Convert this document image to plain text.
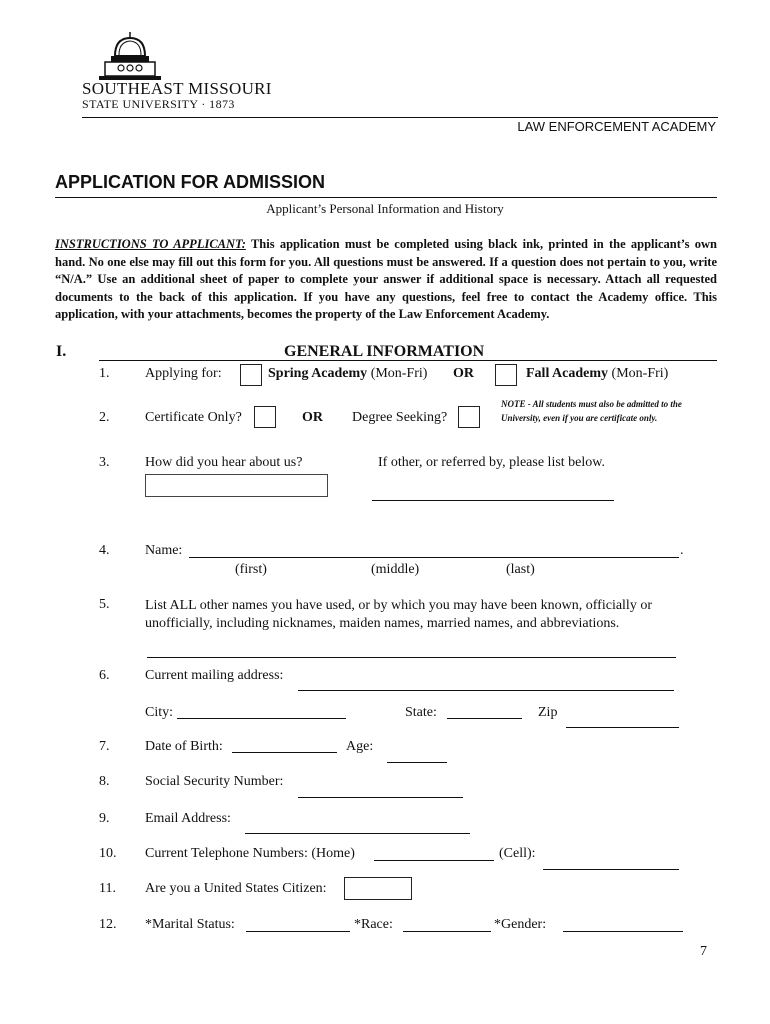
SOUTHEAST MISSOURI
STATE UNIVERSITY · 1873
LAW ENFORCEMENT ACADEMY
APPLICATION FOR ADMISSION
Applicant’s Personal Information and History
INSTRUCTIONS TO APPLICANT: This application must be completed using black ink, printed in the applicant’s own hand. No one else may fill out this form for you. All questions must be answered. If a question does not pertain to you, write “N/A.” Use an additional sheet of paper to complete your answer if additional space is necessary. Attach all requested documents to the back of this application. If you have any questions, feel free to contact the Academy office. This application, with your attachments, becomes the property of the Law Enforcement Academy.
I.	GENERAL INFORMATION
1.	Applying for:	Spring Academy (Mon-Fri) OR	Fall Academy (Mon-Fri)
2.	Certificate Only?	OR Degree Seeking?
NOTE - All students must also be admitted to the University, even if you are certificate only.
3.	How did you hear about us?	If other, or referred by, please list below.
4.	Name:	.
(first)	(middle)	(last)
5.	List ALL other names you have used, or by which you may have been known, officially or unofficially, including nicknames, maiden names, married names, and abbreviations.
6.	Current mailing address:
City:	State:	Zip
7.	Date of Birth:	Age:
8.	Social Security Number:
9.	Email Address:
10. Current Telephone Numbers: (Home)	(Cell):
11. Are you a United States Citizen:
12. *Marital Status:	*Race:	*Gender:
7
